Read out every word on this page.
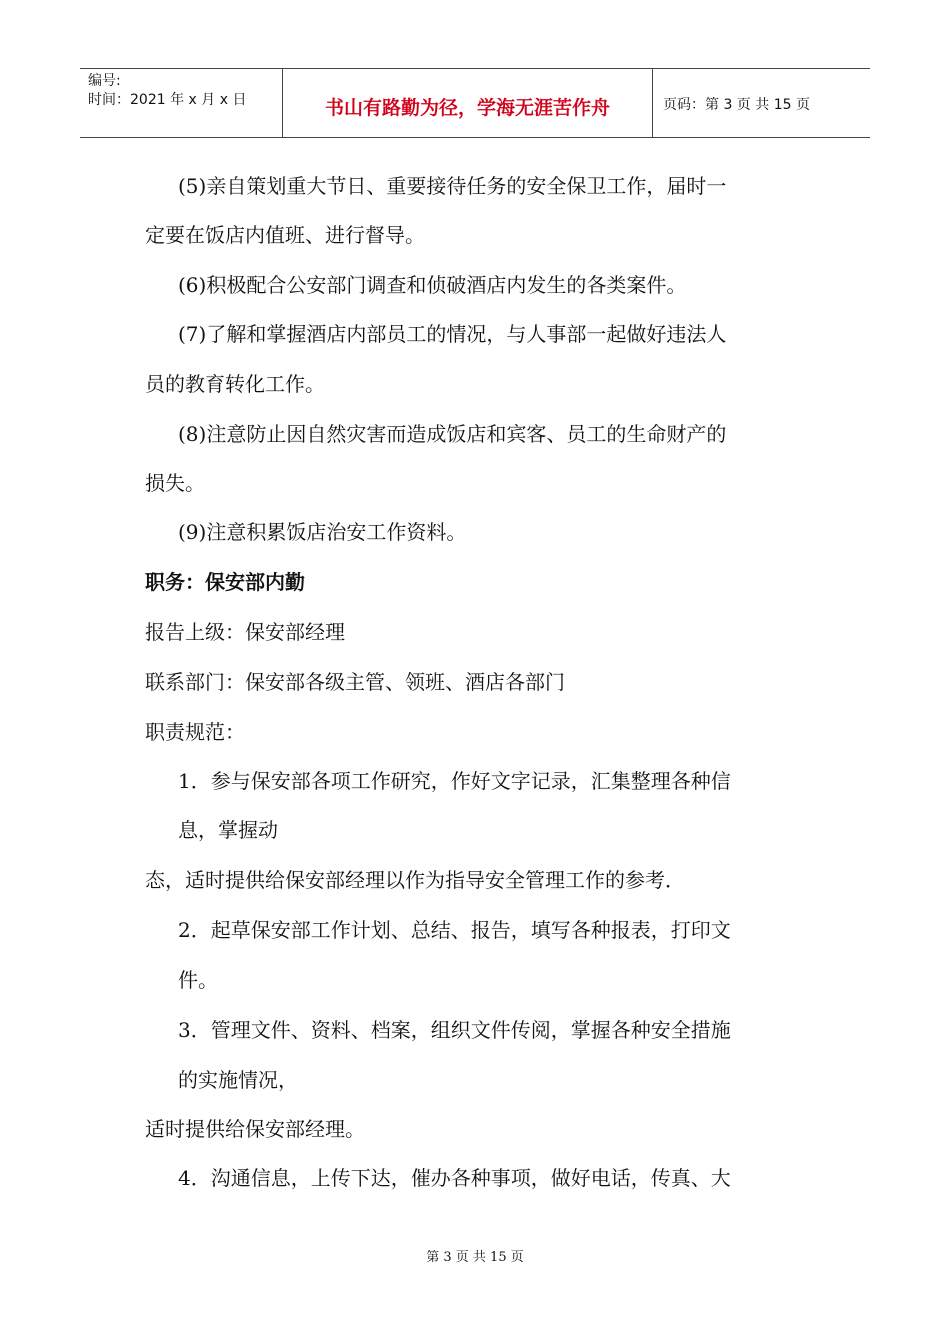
编号:
时间：2021 年 x 月 x 日	书山有路勤为径，学海无涯苦作舟	页码：第 3 页 共 15 页
(5)亲自策划重大节日、重要接待任务的安全保卫工作，届时一
定要在饭店内值班、进行督导。
(6)积极配合公安部门调查和侦破酒店内发生的各类案件。
(7)了解和掌握酒店内部员工的情况，与人事部一起做好违法人
员的教育转化工作。
(8)注意防止因自然灾害而造成饭店和宾客、员工的生命财产的
损失。
(9)注意积累饭店治安工作资料。
职务：保安部内勤
报告上级：保安部经理
联系部门：保安部各级主管、领班、酒店各部门
职责规范：
1．参与保安部各项工作研究，作好文字记录，汇集整理各种信
息，掌握动
态，适时提供给保安部经理以作为指导安全管理工作的参考．
2．起草保安部工作计划、总结、报告，填写各种报表，打印文
件。
3．管理文件、资料、档案，组织文件传阅，掌握各种安全措施
的实施情况，
适时提供给保安部经理。
4．沟通信息，上传下达，催办各种事项，做好电话，传真、大
第 3 页 共 15 页
